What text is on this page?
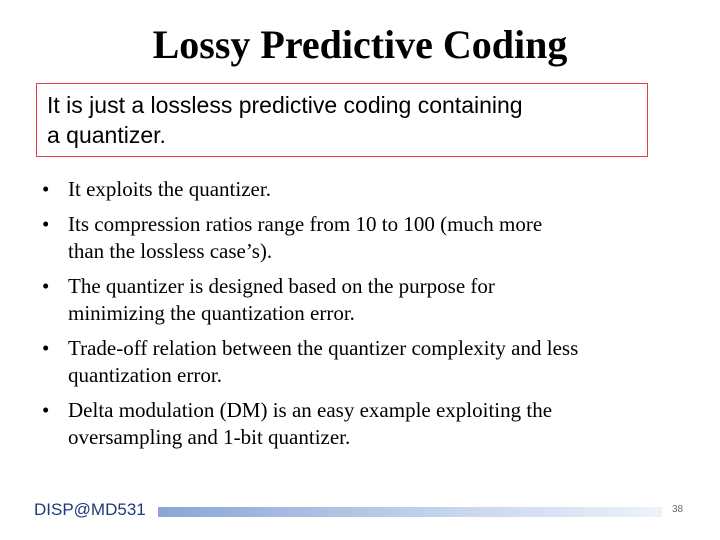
Lossy Predictive Coding
It is just a lossless predictive coding containing
a quantizer.
• It exploits the quantizer.
• Its compression ratios range from 10 to 100 (much more
than the lossless case’s).
• The quantizer is designed based on the purpose for
minimizing the quantization error.
• Trade-off relation between the quantizer complexity and less
quantization error.
• Delta modulation (DM) is an easy example exploiting the
oversampling and 1-bit quantizer.
DISP@MD531	38
